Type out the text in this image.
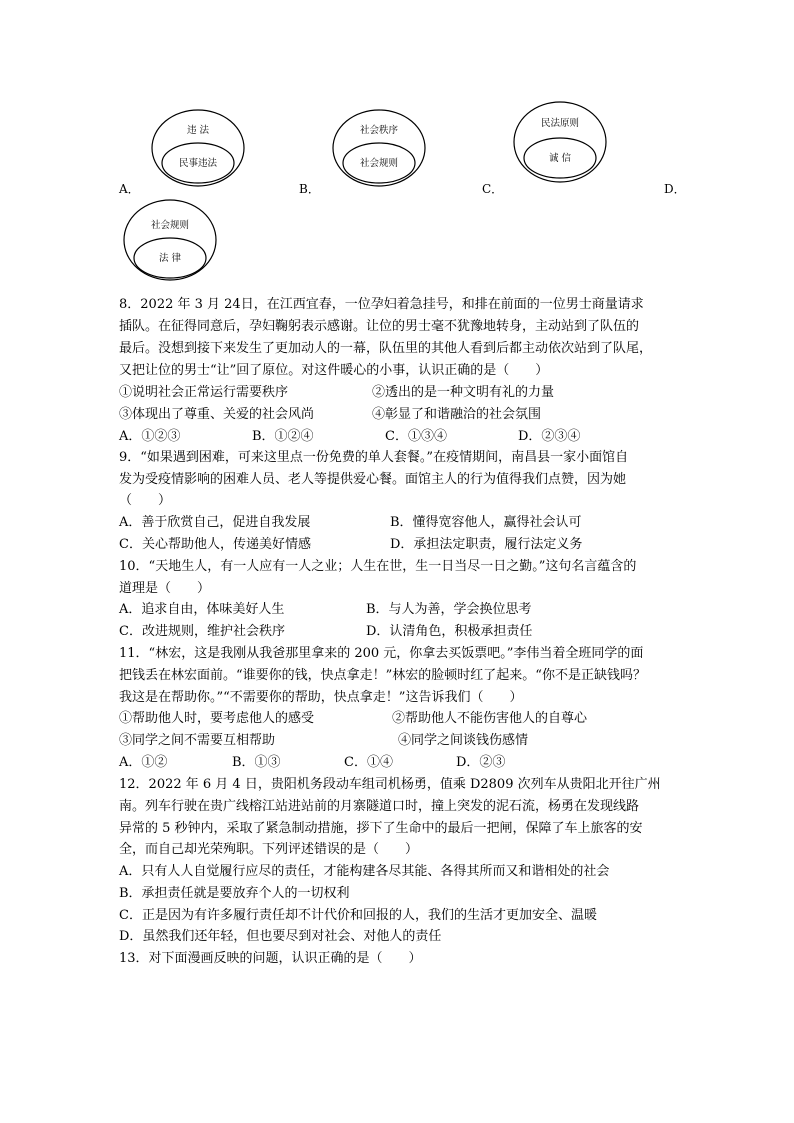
A．
违 法
民事违法
B．
社会秩序
社会规则
C．
民法原则
诚 信
D．
社会规则
法 律
8．2022 年 3 月 24日，在江西宜春，一位孕妇着急挂号，和排在前面的一位男士商量请求
插队。在征得同意后，孕妇鞠躬表示感谢。让位的男士毫不犹豫地转身，主动站到了队伍的
最后。没想到接下来发生了更加动人的一幕，队伍里的其他人看到后都主动依次站到了队尾，
又把让位的男士“让”回了原位。对这件暖心的小事，认识正确的是（　　）
①说明社会正常运行需要秩序	②透出的是一种文明有礼的力量
③体现出了尊重、关爱的社会风尚	④彰显了和谐融洽的社会氛围
A．①②③	B．①②④	C．①③④	D．②③④
9．“如果遇到困难，可来这里点一份免费的单人套餐。”在疫情期间，南昌县一家小面馆自
发为受疫情影响的困难人员、老人等提供爱心餐。面馆主人的行为值得我们点赞，因为她
（　　）
A．善于欣赏自己，促进自我发展	B．懂得宽容他人，赢得社会认可
C．关心帮助他人，传递美好情感	D．承担法定职责，履行法定义务
10．“天地生人，有一人应有一人之业；人生在世，生一日当尽一日之勤。”这句名言蕴含的
道理是（　　）
A．追求自由，体味美好人生	B．与人为善，学会换位思考
C．改进规则，维护社会秩序	D．认清角色，积极承担责任
11．“林宏，这是我刚从我爸那里拿来的 200 元，你拿去买饭票吧。”李伟当着全班同学的面
把钱丢在林宏面前。“谁要你的钱，快点拿走！”林宏的脸顿时红了起来。“你不是正缺钱吗？
我这是在帮助你。”“不需要你的帮助，快点拿走！”这告诉我们（　　）
①帮助他人时，要考虑他人的感受	②帮助他人不能伤害他人的自尊心
③同学之间不需要互相帮助	④同学之间谈钱伤感情
A．①②	B．①③	C．①④	D．②③
12．2022 年 6 月 4 日，贵阳机务段动车组司机杨勇，值乘 D2809 次列车从贵阳北开往广州
南。列车行驶在贵广线榕江站进站前的月寨隧道口时，撞上突发的泥石流，杨勇在发现线路
异常的 5 秒钟内，采取了紧急制动措施，拶下了生命中的最后一把闸，保障了车上旅客的安
全，而自己却光荣殉职。下列评述错误的是（　　）
A．只有人人自觉履行应尽的责任，才能构建各尽其能、各得其所而又和谐相处的社会
B．承担责任就是要放弃个人的一切权利
C．正是因为有许多履行责任却不计代价和回报的人，我们的生活才更加安全、温暖
D．虽然我们还年轻，但也要尽到对社会、对他人的责任
13．对下面漫画反映的问题，认识正确的是（　　）
